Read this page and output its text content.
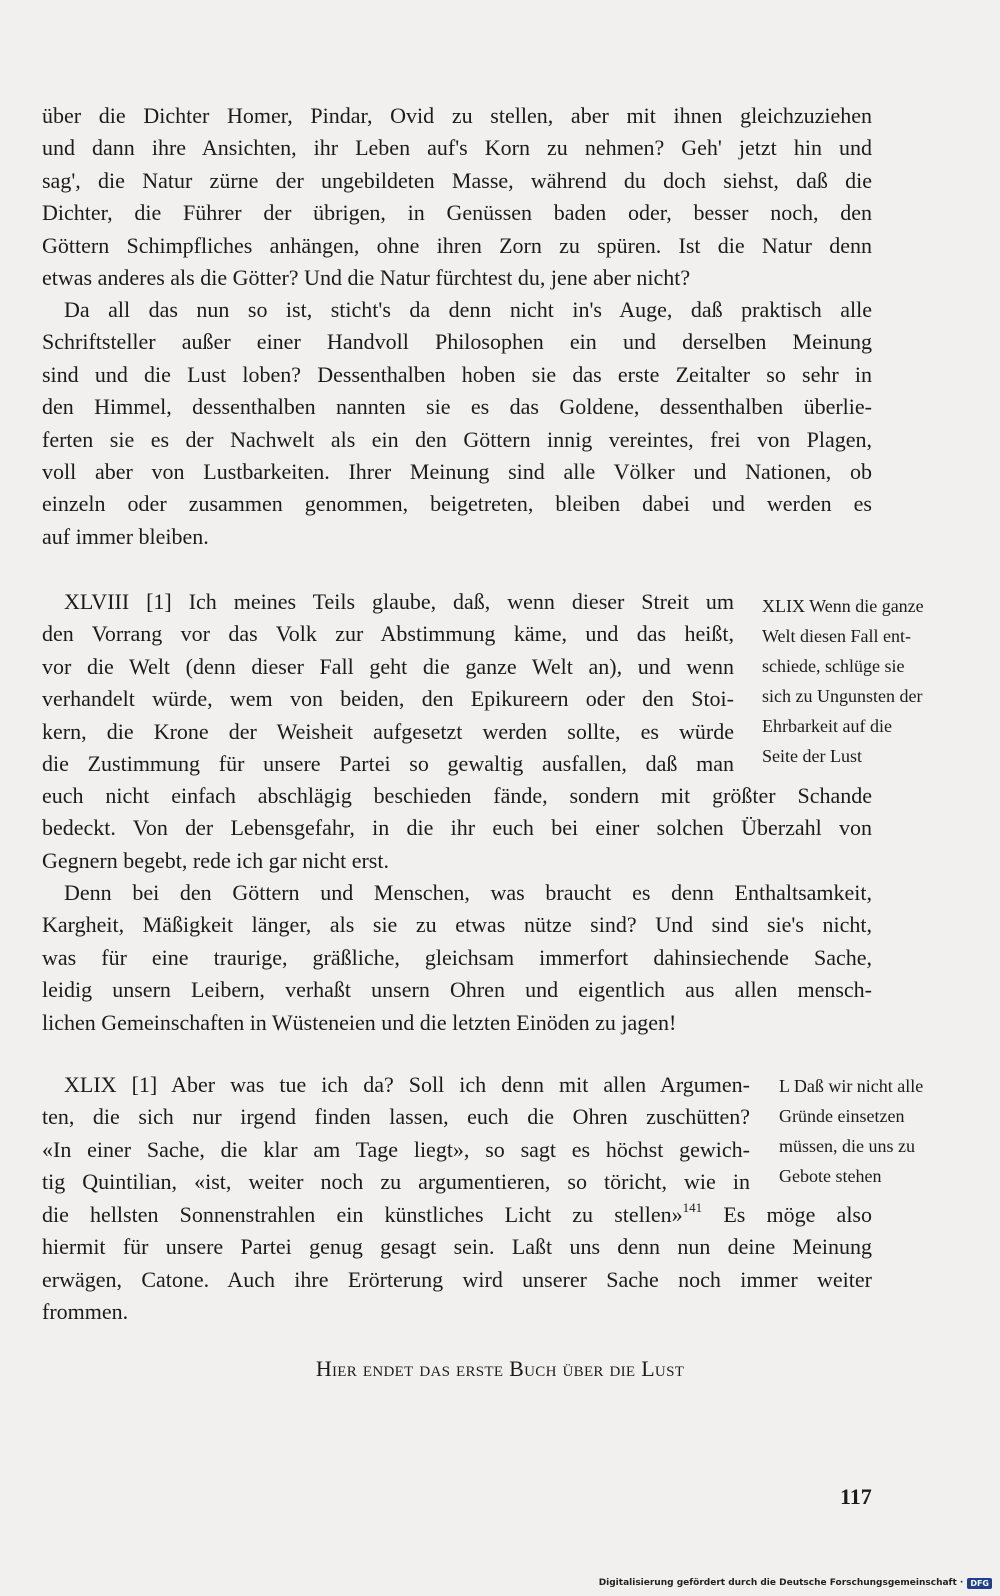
über die Dichter Homer, Pindar, Ovid zu stellen, aber mit ihnen gleichzuziehen
und dann ihre Ansichten, ihr Leben auf's Korn zu nehmen? Geh' jetzt hin und
sag', die Natur zürne der ungebildeten Masse, während du doch siehst, daß die
Dichter, die Führer der übrigen, in Genüssen baden oder, besser noch, den
Göttern Schimpfliches anhängen, ohne ihren Zorn zu spüren. Ist die Natur denn
etwas anderes als die Götter? Und die Natur fürchtest du, jene aber nicht?

Da all das nun so ist, sticht's da denn nicht in's Auge, daß praktisch alle
Schriftsteller außer einer Handvoll Philosophen ein und derselben Meinung
sind und die Lust loben? Dessenthalben hoben sie das erste Zeitalter so sehr in
den Himmel, dessenthalben nannten sie es das Goldene, dessenthalben überlie-
ferten sie es der Nachwelt als ein den Göttern innig vereintes, frei von Plagen,
voll aber von Lustbarkeiten. Ihrer Meinung sind alle Völker und Nationen, ob
einzeln oder zusammen genommen, beigetreten, bleiben dabei und werden es
auf immer bleiben.

XLVIII [1] Ich meines Teils glaube, daß, wenn dieser Streit um
den Vorrang vor das Volk zur Abstimmung käme, und das heißt,
vor die Welt (denn dieser Fall geht die ganze Welt an), und wenn
verhandelt würde, wem von beiden, den Epikureern oder den Stoi-
kern, die Krone der Weisheit aufgesetzt werden sollte, es würde
die Zustimmung für unsere Partei so gewaltig ausfallen, daß man

XLIX Wenn die ganze
Welt diesen Fall ent-
schiede, schlüge sie
sich zu Ungunsten der
Ehrbarkeit auf die
Seite der Lust

euch nicht einfach abschlägig beschieden fände, sondern mit größter Schande
bedeckt. Von der Lebensgefahr, in die ihr euch bei einer solchen Überzahl von
Gegnern begebt, rede ich gar nicht erst.

Denn bei den Göttern und Menschen, was braucht es denn Enthaltsamkeit,
Kargheit, Mäßigkeit länger, als sie zu etwas nütze sind? Und sind sie's nicht,
was für eine traurige, gräßliche, gleichsam immerfort dahinsiechende Sache,
leidig unsern Leibern, verhaßt unsern Ohren und eigentlich aus allen mensch-
lichen Gemeinschaften in Wüsteneien und die letzten Einöden zu jagen!

XLIX [1] Aber was tue ich da? Soll ich denn mit allen Argumen-
ten, die sich nur irgend finden lassen, euch die Ohren zuschütten?
«In einer Sache, die klar am Tage liegt», so sagt es höchst gewich-
tig Quintilian, «ist, weiter noch zu argumentieren, so töricht, wie in

L Daß wir nicht alle
Gründe einsetzen
müssen, die uns zu
Gebote stehen

die hellsten Sonnenstrahlen ein künstliches Licht zu stellen»$^{141}$ Es möge also
hiermit für unsere Partei genug gesagt sein. Laßt uns denn nun deine Meinung
erwägen, Catone. Auch ihre Erörterung wird unserer Sache noch immer weiter
frommen.

Hier endet das erste Buch über die Lust
117
Digitalisierung gefördert durch die Deutsche Forschungsgemeinschaft · DFG
